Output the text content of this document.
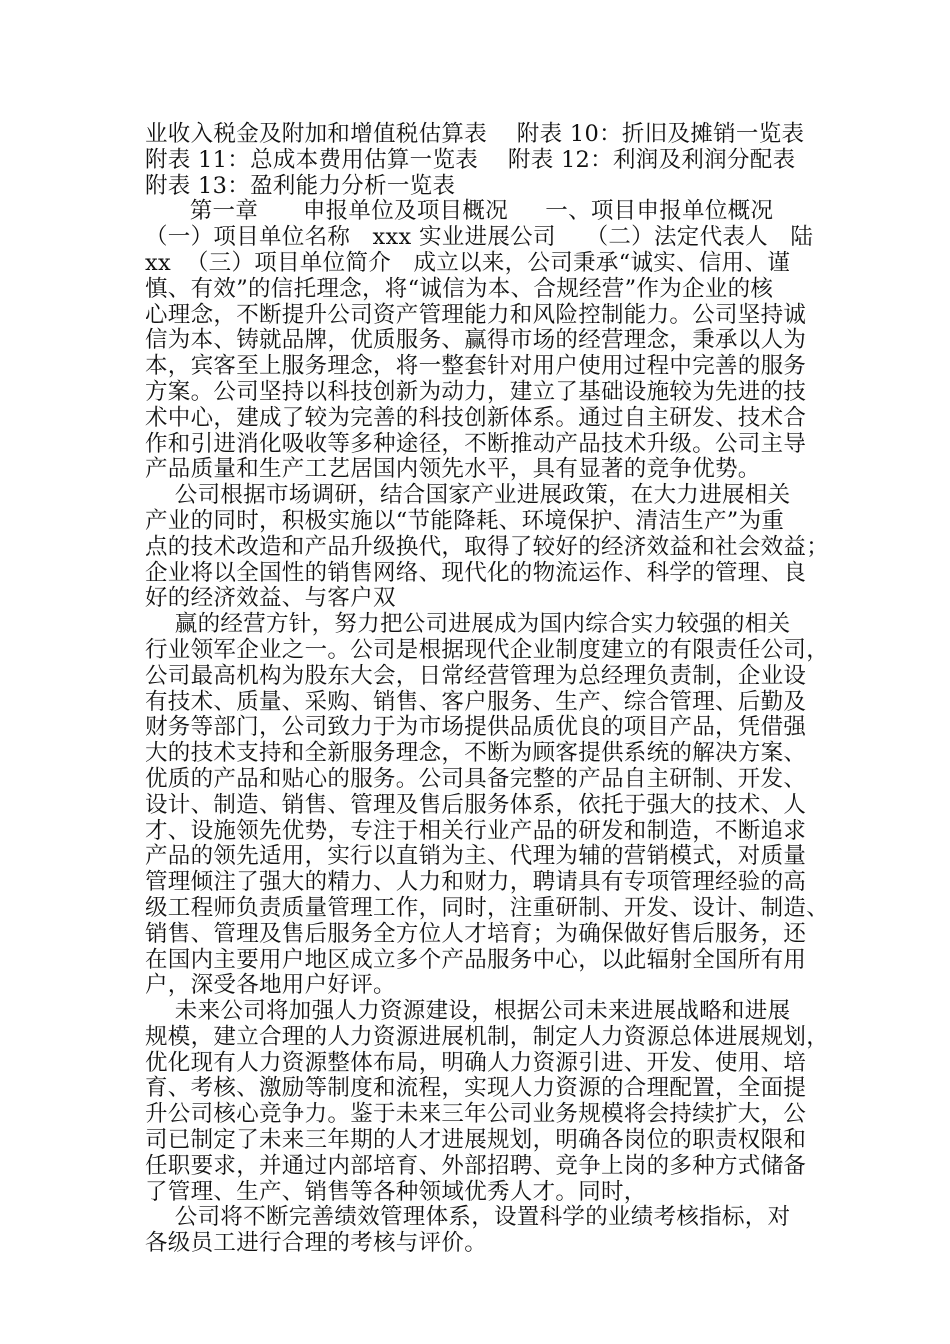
业收入税金及附加和增值税估算表    附表 10：折旧及摊销一览表
附表 11：总成本费用估算一览表    附表 12：利润及利润分配表
附表 13：盈利能力分析一览表
第一章      申报单位及项目概况     一、项目申报单位概况
（一）项目单位名称   xxx 实业进展公司    （二）法定代表人   陆
xx  （三）项目单位简介   成立以来，公司秉承“诚实、信用、谨
慎、有效”的信托理念，将“诚信为本、合规经营”作为企业的核
心理念，不断提升公司资产管理能力和风险控制能力。公司坚持诚
信为本、铸就品牌，优质服务、赢得市场的经营理念，秉承以人为
本，宾客至上服务理念，将一整套针对用户使用过程中完善的服务
方案。公司坚持以科技创新为动力，建立了基础设施较为先进的技
术中心，建成了较为完善的科技创新体系。通过自主研发、技术合
作和引进消化吸收等多种途径，不断推动产品技术升级。公司主导
产品质量和生产工艺居国内领先水平，具有显著的竞争优势。
公司根据市场调研，结合国家产业进展政策，在大力进展相关
产业的同时，积极实施以“节能降耗、环境保护、清洁生产”为重
点的技术改造和产品升级换代，取得了较好的经济效益和社会效益；
企业将以全国性的销售网络、现代化的物流运作、科学的管理、良
好的经济效益、与客户双
赢的经营方针，努力把公司进展成为国内综合实力较强的相关
行业领军企业之一。公司是根据现代企业制度建立的有限责任公司，
公司最高机构为股东大会，日常经营管理为总经理负责制，企业设
有技术、质量、采购、销售、客户服务、生产、综合管理、后勤及
财务等部门，公司致力于为市场提供品质优良的项目产品，凭借强
大的技术支持和全新服务理念，不断为顾客提供系统的解决方案、
优质的产品和贴心的服务。公司具备完整的产品自主研制、开发、
设计、制造、销售、管理及售后服务体系，依托于强大的技术、人
才、设施领先优势，专注于相关行业产品的研发和制造，不断追求
产品的领先适用，实行以直销为主、代理为辅的营销模式，对质量
管理倾注了强大的精力、人力和财力，聘请具有专项管理经验的高
级工程师负责质量管理工作，同时，注重研制、开发、设计、制造、
销售、管理及售后服务全方位人才培育；为确保做好售后服务，还
在国内主要用户地区成立多个产品服务中心，以此辐射全国所有用
户，深受各地用户好评。
未来公司将加强人力资源建设，根据公司未来进展战略和进展
规模，建立合理的人力资源进展机制，制定人力资源总体进展规划，
优化现有人力资源整体布局，明确人力资源引进、开发、使用、培
育、考核、激励等制度和流程，实现人力资源的合理配置，全面提
升公司核心竞争力。鉴于未来三年公司业务规模将会持续扩大，公
司已制定了未来三年期的人才进展规划，明确各岗位的职责权限和
任职要求，并通过内部培育、外部招聘、竞争上岗的多种方式储备
了管理、生产、销售等各种领域优秀人才。同时，
公司将不断完善绩效管理体系，设置科学的业绩考核指标，对
各级员工进行合理的考核与评价。
